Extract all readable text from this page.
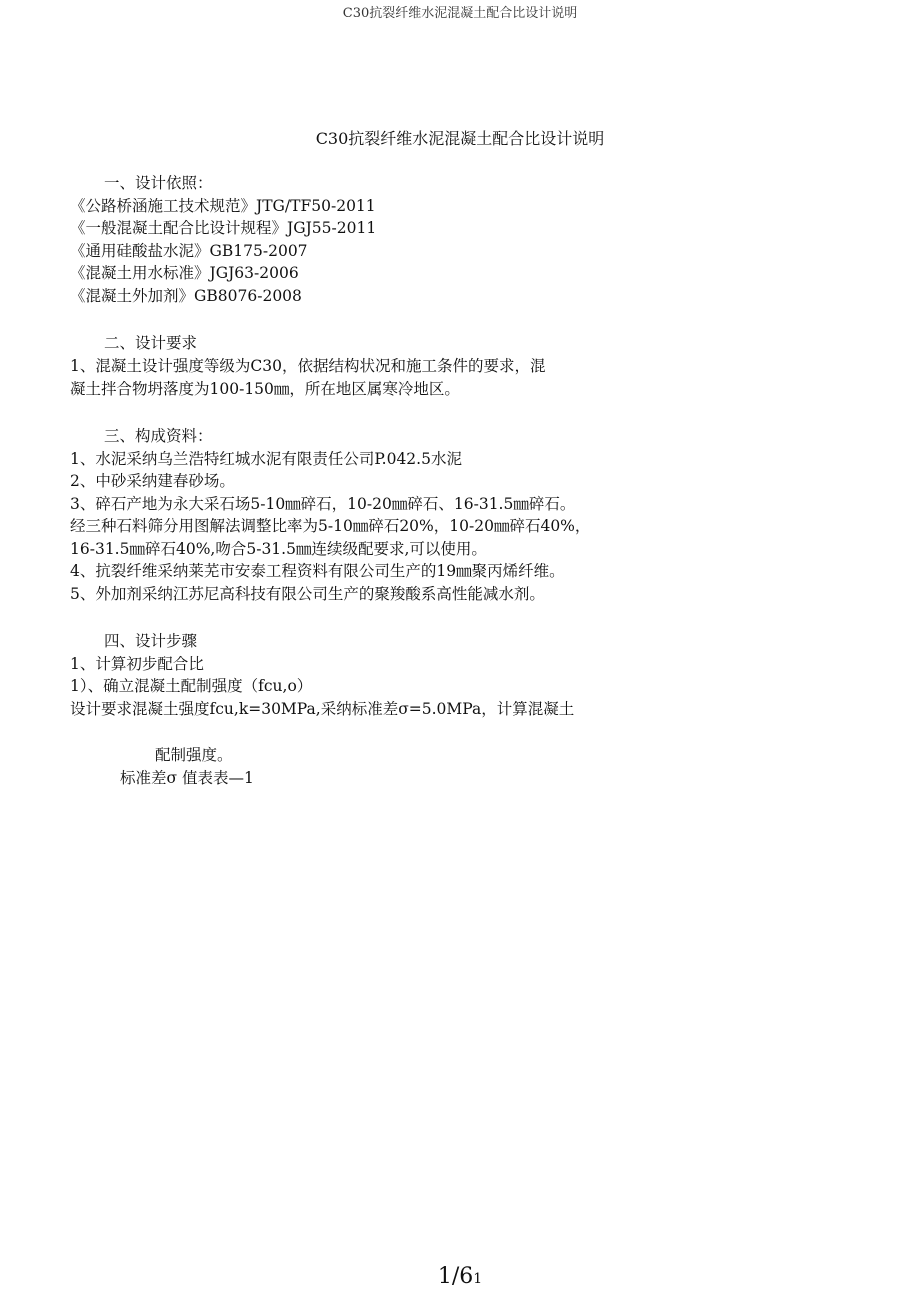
C30抗裂纤维水泥混凝土配合比设计说明
C30抗裂纤维水泥混凝土配合比设计说明
一、设计依照：
《公路桥涵施工技术规范》JTG/TF50-2011
《一般混凝土配合比设计规程》JGJ55-2011
《通用硅酸盐水泥》GB175-2007
《混凝土用水标准》JGJ63-2006
《混凝土外加剂》GB8076-2008
二、设计要求
1、混凝土设计强度等级为C30，依据结构状况和施工条件的要求，混
凝土拌合物坍落度为100-150㎜，所在地区属寒冷地区。
三、构成资料：
1、水泥采纳乌兰浩特红城水泥有限责任公司P.042.5水泥
2、中砂采纳建春砂场。
3、碎石产地为永大采石场5-10㎜碎石，10-20㎜碎石、16-31.5㎜碎石。
经三种石料筛分用图解法调整比率为5-10㎜碎石20%，10-20㎜碎石40%，
16-31.5㎜碎石40%,吻合5-31.5㎜连续级配要求,可以使用。
4、抗裂纤维采纳莱芜市安泰工程资料有限公司生产的19㎜聚丙烯纤维。
5、外加剂采纳江苏尼高科技有限公司生产的聚羧酸系高性能减水剂。
四、设计步骤
1、计算初步配合比
1）、确立混凝土配制强度（fcu,o）
设计要求混凝土强度fcu,k=30MPa,采纳标准差σ=5.0MPa，计算混凝土
配制强度。
标准差σ 值表表—1
1/61
